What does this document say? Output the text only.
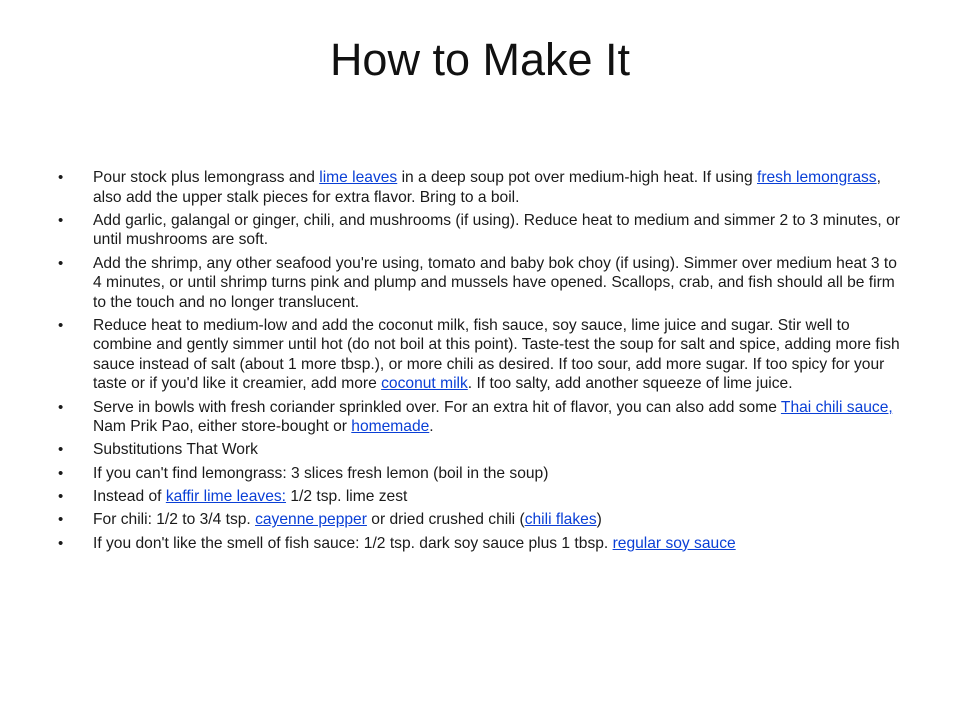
How to Make It
• Pour stock plus lemongrass and lime leaves in a deep soup pot over medium-high heat. If using fresh lemongrass, also add the upper stalk pieces for extra flavor. Bring to a boil.
• Add garlic, galangal or ginger, chili, and mushrooms (if using). Reduce heat to medium and simmer 2 to 3 minutes, or until mushrooms are soft.
• Add the shrimp, any other seafood you're using, tomato and baby bok choy (if using). Simmer over medium heat 3 to 4 minutes, or until shrimp turns pink and plump and mussels have opened. Scallops, crab, and fish should all be firm to the touch and no longer translucent.
• Reduce heat to medium-low and add the coconut milk, fish sauce, soy sauce, lime juice and sugar. Stir well to combine and gently simmer until hot (do not boil at this point). Taste-test the soup for salt and spice, adding more fish sauce instead of salt (about 1 more tbsp.), or more chili as desired. If too sour, add more sugar. If too spicy for your taste or if you'd like it creamier, add more coconut milk. If too salty, add another squeeze of lime juice.
• Serve in bowls with fresh coriander sprinkled over. For an extra hit of flavor, you can also add some Thai chili sauce, Nam Prik Pao, either store-bought or homemade.
• Substitutions That Work
• If you can't find lemongrass: 3 slices fresh lemon (boil in the soup)
• Instead of kaffir lime leaves: 1/2 tsp. lime zest
• For chili: 1/2 to 3/4 tsp. cayenne pepper or dried crushed chili (chili flakes)
• If you don't like the smell of fish sauce: 1/2 tsp. dark soy sauce plus 1 tbsp. regular soy sauce
